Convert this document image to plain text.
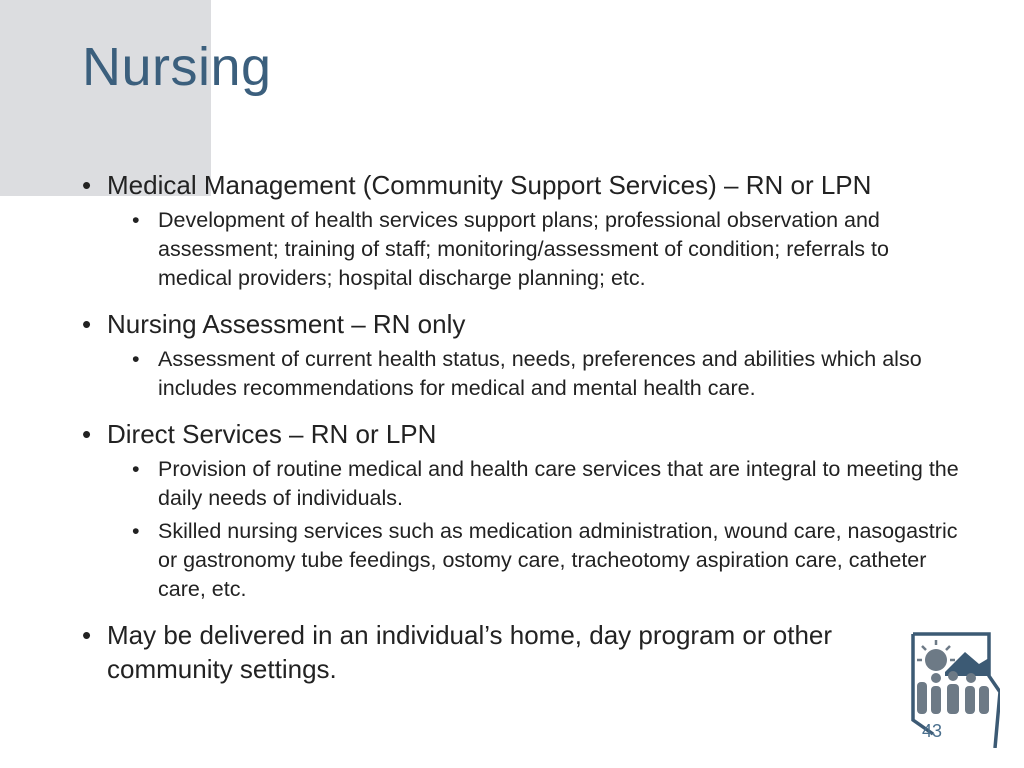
Nursing
• Medical Management (Community Support Services) – RN or LPN
• Development of health services support plans; professional observation and assessment; training of staff; monitoring/assessment of condition; referrals to medical providers; hospital discharge planning; etc.
• Nursing Assessment – RN only
• Assessment of current health status, needs, preferences and abilities which also includes recommendations for medical and mental health care.
• Direct Services – RN or LPN
• Provision of routine medical and health care services that are integral to meeting the daily needs of individuals.
• Skilled nursing services such as medication administration, wound care, nasogastric or gastronomy tube feedings, ostomy care, tracheotomy aspiration care, catheter care, etc.
• May be delivered in an individual’s home, day program or other community settings.
43
